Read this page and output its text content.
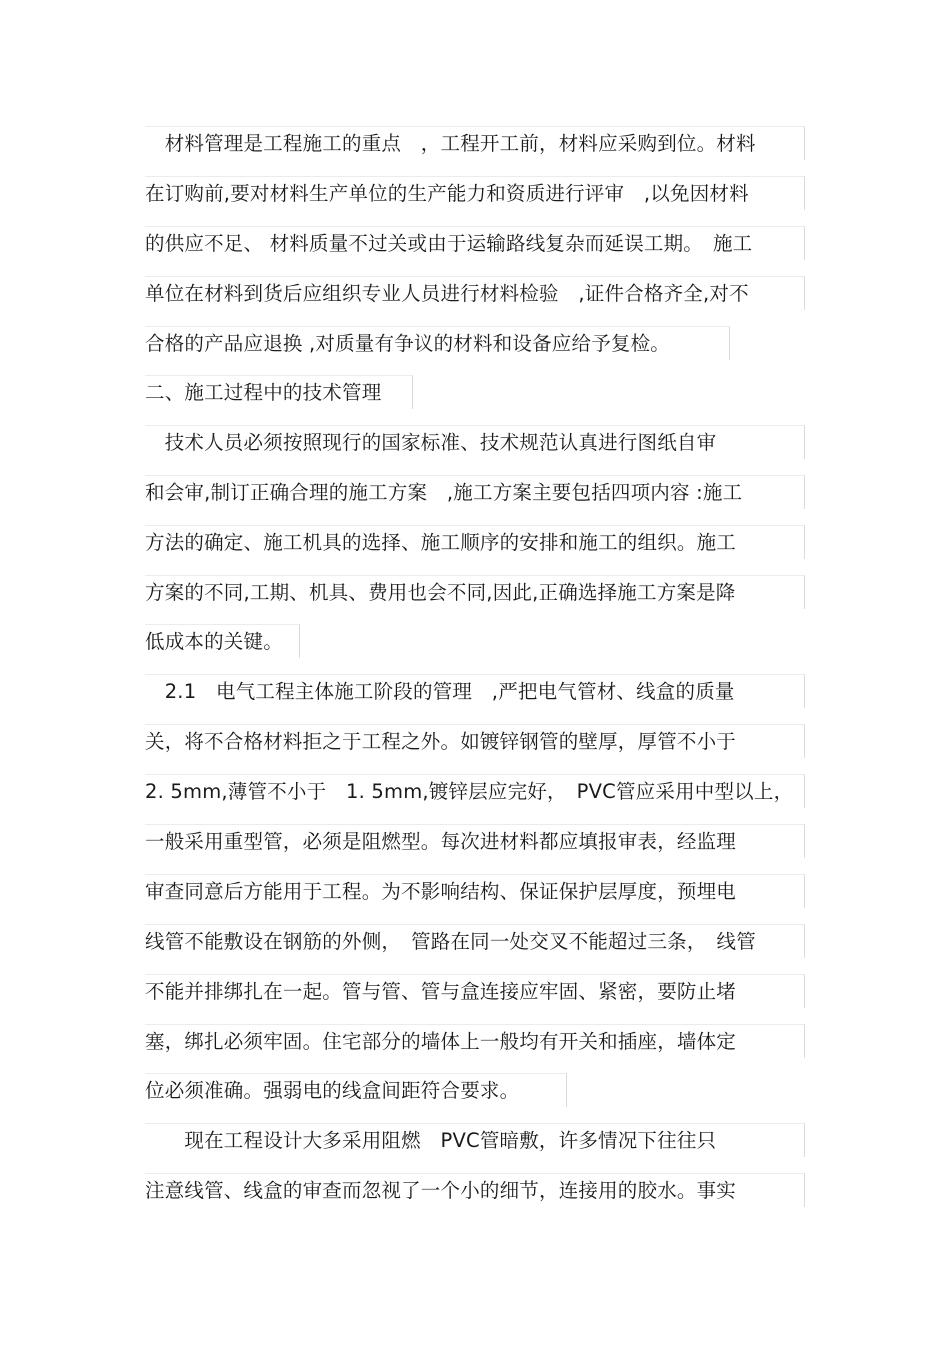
　材料管理是工程施工的重点　，工程开工前，材料应采购到位。材料
在订购前,要对材料生产单位的生产能力和资质进行评审　,以免因材料
的供应不足、 材料质量不过关或由于运输路线复杂而延误工期。　施工
单位在材料到货后应组织专业人员进行材料检验　,证件合格齐全,对不
合格的产品应退换 ,对质量有争议的材料和设备应给予复检。
二、施工过程中的技术管理
　技术人员必须按照现行的国家标准、技术规范认真进行图纸自审
和会审,制订正确合理的施工方案　,施工方案主要包括四项内容 :施工
方法的确定、施工机具的选择、施工顺序的安排和施工的组织。施工
方案的不同,工期、机具、费用也会不同,因此,正确选择施工方案是降
低成本的关键。
　2.1　电气工程主体施工阶段的管理　,严把电气管材、线盒的质量
关，将不合格材料拒之于工程之外。如镀锌钢管的壁厚，厚管不小于
2. 5mm,薄管不小于　1. 5mm,镀锌层应完好，　PVC管应采用中型以上，
一般采用重型管，必须是阻燃型。每次进材料都应填报审表，经监理
审查同意后方能用于工程。为不影响结构、保证保护层厚度，预埋电
线管不能敷设在钢筋的外侧，　管路在同一处交叉不能超过三条，　线管
不能并排绑扎在一起。管与管、管与盒连接应牢固、紧密，要防止堵
塞，绑扎必须牢固。住宅部分的墙体上一般均有开关和插座，墙体定
位必须准确。强弱电的线盒间距符合要求。
　　现在工程设计大多采用阻燃　PVC管暗敷，许多情况下往往只
注意线管、线盒的审查而忽视了一个小的细节，连接用的胶水。事实
